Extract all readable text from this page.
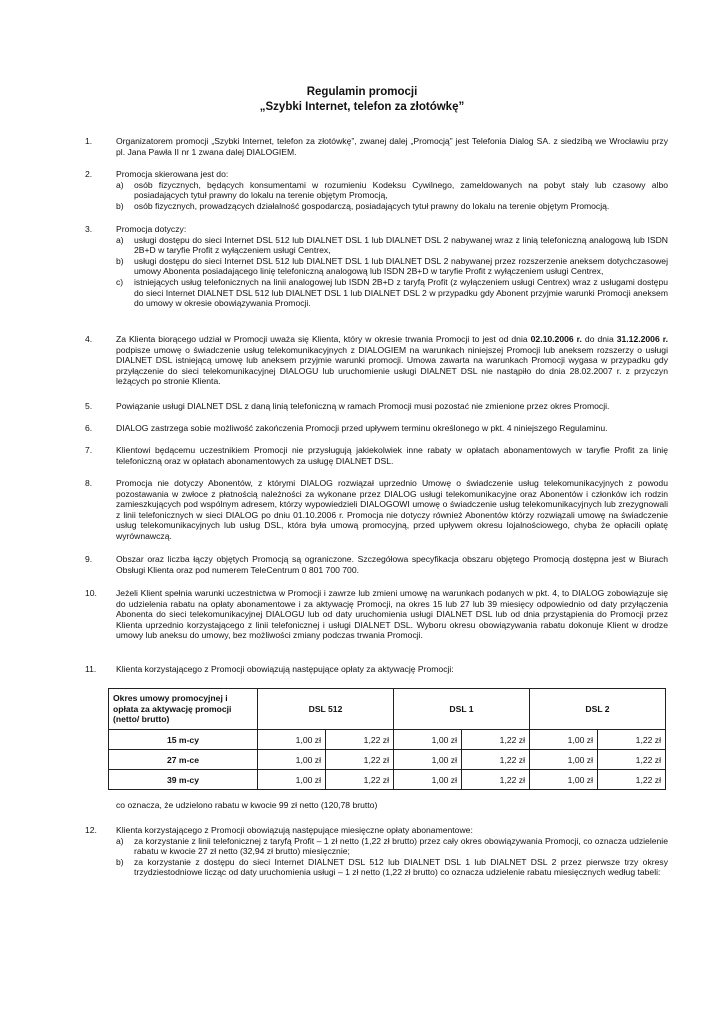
Regulamin promocji
„Szybki Internet, telefon za złotówkę”
1.	Organizatorem promocji „Szybki Internet, telefon za złotówkę”, zwanej dalej „Promocją” jest Telefonia Dialog SA. z siedzibą we Wrocławiu przy pl. Jana Pawła II nr 1 zwana dalej DIALOGIEM.

2.	Promocja skierowana jest do:

a) osób fizycznych, będących konsumentami w rozumieniu Kodeksu Cywilnego, zameldowanych na pobyt stały lub czasowy albo posiadających tytuł prawny do lokalu na terenie objętym Promocją,
b) osób fizycznych, prowadzących działalność gospodarczą, posiadających tytuł prawny do lokalu na terenie objętym Promocją.
3.	Promocja dotyczy:

a) usługi dostępu do sieci Internet DSL 512 lub DIALNET DSL 1 lub DIALNET DSL 2 nabywanej wraz z linią telefoniczną analogową lub ISDN 2B+D w taryfie Profit z wyłączeniem usługi Centrex,
b) usługi dostępu do sieci Internet DSL 512 lub DIALNET DSL 1 lub DIALNET DSL 2 nabywanej przez rozszerzenie aneksem dotychczasowej umowy Abonenta posiadającego linię telefoniczną analogową lub ISDN 2B+D w taryfie Profit z wyłączeniem usługi Centrex,
c) istniejących usług telefonicznych na linii analogowej lub ISDN 2B+D z taryfą Profit (z wyłączeniem usługi Centrex) wraz z usługami dostępu do sieci Internet DIALNET DSL 512 lub DIALNET DSL 1 lub DIALNET DSL 2 w przypadku gdy Abonent przyjmie warunki Promocji aneksem do umowy w okresie obowiązywania Promocji.
4.	Za Klienta biorącego udział w Promocji uważa się Klienta, który w okresie trwania Promocji to jest od dnia 02.10.2006 r. do dnia 31.12.2006 r. podpisze umowę o świadczenie usług telekomunikacyjnych z DIALOGIEM na warunkach niniejszej Promocji lub aneksem rozszerzy o usługi DIALNET DSL istniejącą umowę lub aneksem przyjmie warunki promocji. Umowa zawarta na warunkach Promocji wygasa w przypadku gdy przyłączenie do sieci telekomunikacyjnej DIALOGU lub uruchomienie usługi DIALNET DSL nie nastąpiło do dnia 28.02.2007 r. z przyczyn leżących po stronie Klienta.

5.	Powiązanie usługi DIALNET DSL z daną linią telefoniczną w ramach Promocji musi pozostać nie zmienione przez okres Promocji.

6.	DIALOG zastrzega sobie możliwość zakończenia Promocji przed upływem terminu określonego w pkt. 4 niniejszego Regulaminu.

7.	Klientowi będącemu uczestnikiem Promocji nie przysługują jakiekolwiek inne rabaty w opłatach abonamentowych w taryfie Profit za linię telefoniczną oraz w opłatach abonamentowych za usługę DIALNET DSL.

8.	Promocja nie dotyczy Abonentów, z którymi DIALOG rozwiązał uprzednio Umowę o świadczenie usług telekomunikacyjnych z powodu pozostawania w zwłoce z płatnością należności za wykonane przez DIALOG usługi telekomunikacyjne oraz Abonentów i członków ich rodzin zamieszkujących pod wspólnym adresem, którzy wypowiedzieli DIALOGOWI umowę o świadczenie usług telekomunikacyjnych lub zrezygnowali z linii telefonicznych w sieci DIALOG po dniu 01.10.2006 r. Promocja nie dotyczy również Abonentów którzy rozwiązali umowę na świadczenie usług telekomunikacyjnych lub usług DSL, która była umową promocyjną, przed upływem okresu lojalnościowego, chyba że opłacili opłatę wyrównawczą.

9.	Obszar oraz liczba łączy objętych Promocją są ograniczone. Szczegółowa specyfikacja obszaru objętego Promocją dostępna jest w Biurach Obsługi Klienta oraz pod numerem TeleCentrum 0 801 700 700.

10.	Jeżeli Klient spełnia warunki uczestnictwa w Promocji i zawrze lub zmieni umowę na warunkach podanych w pkt. 4, to DIALOG zobowiązuje się do udzielenia rabatu na opłaty abonamentowe i za aktywację Promocji, na okres 15 lub 27 lub 39 miesięcy odpowiednio od daty przyłączenia Abonenta do sieci telekomunikacyjnej DIALOGU lub od daty uruchomienia usługi DIALNET DSL lub od dnia przystąpienia do Promocji przez Klienta uprzednio korzystającego z linii telefonicznej i usługi DIALNET DSL. Wyboru okresu obowiązywania rabatu dokonuje Klient w drodze umowy lub aneksu do umowy, bez możliwości zmiany podczas trwania Promocji.

11.	Klienta korzystającego z Promocji obowiązują następujące opłaty za aktywację Promocji:

Okres umowy promocyjnej i opłata za aktywację promocji (netto/ brutto)	DSL 512		DSL 1		DSL 2	
15 m-cy	1,00 zł	1,22 zł	1,00 zł	1,22 zł	1,00 zł	1,22 zł
27 m-ce	1,00 zł	1,22 zł	1,00 zł	1,22 zł	1,00 zł	1,22 zł
39 m-cy	1,00 zł	1,22 zł	1,00 zł	1,22 zł	1,00 zł	1,22 zł
co oznacza, że udzielono rabatu w kwocie 99 zł netto (120,78 brutto)
12.	Klienta korzystającego z Promocji obowiązują następujące miesięczne opłaty abonamentowe:

a) za korzystanie z linii telefonicznej z taryfą Profit – 1 zł netto (1,22 zł brutto) przez cały okres obowiązywania Promocji, co oznacza udzielenie rabatu w kwocie 27 zł netto (32,94 zł brutto) miesięcznie;
b) za korzystanie z dostępu do sieci Internet DIALNET DSL 512 lub DIALNET DSL 1 lub DIALNET DSL 2 przez pierwsze trzy okresy trzydziestodniowe licząc od daty uruchomienia usługi – 1 zł netto (1,22 zł brutto) co oznacza udzielenie rabatu miesięcznych według tabeli:
